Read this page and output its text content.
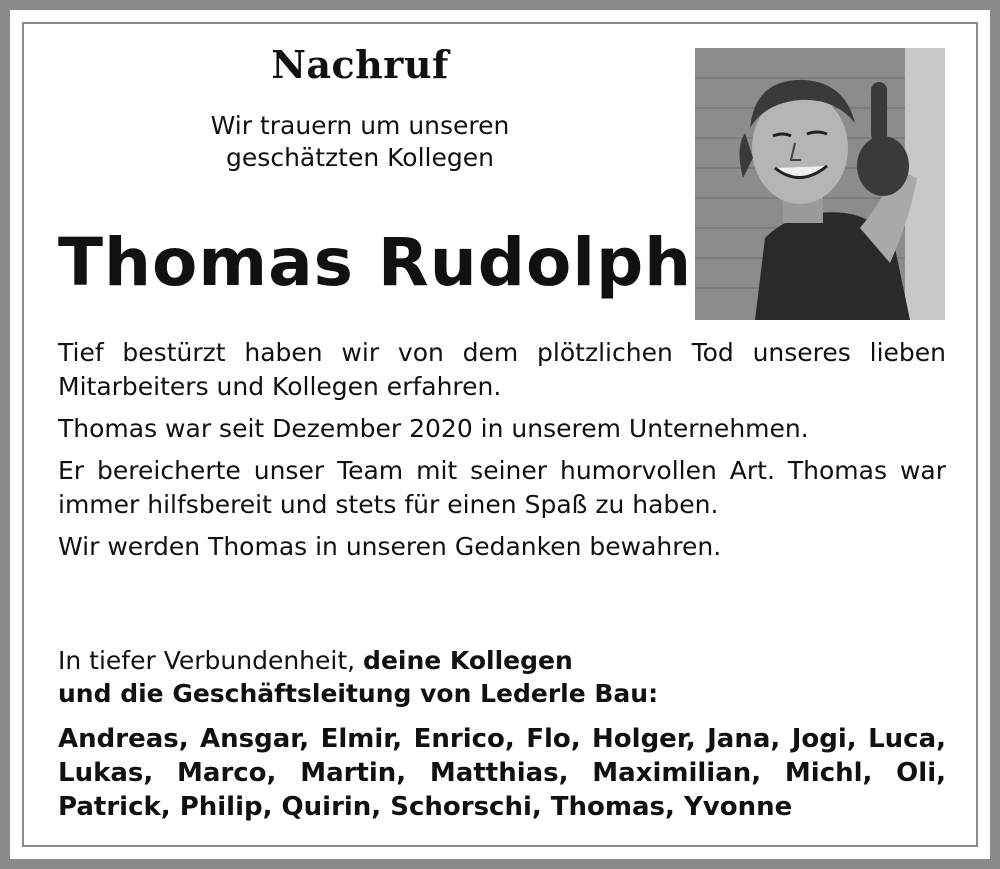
Nachruf
Wir trauern um unseren
geschätzten Kollegen
Thomas Rudolph

Tief bestürzt haben wir von dem plötzlichen Tod unseres lieben Mitarbeiters und Kollegen erfahren.

Thomas war seit Dezember 2020 in unserem Unternehmen.

Er bereicherte unser Team mit seiner humorvollen Art. Thomas war immer hilfsbereit und stets für einen Spaß zu haben.

Wir werden Thomas in unseren Gedanken bewahren.

In tiefer Verbundenheit, deine Kollegen
und die Geschäftsleitung von Lederle Bau:
Andreas, Ansgar, Elmir, Enrico, Flo, Holger, Jana, Jogi, Luca, Lukas, Marco, Martin, Matthias, Maximilian, Michl, Oli, Patrick, Philip, Quirin, Schorschi, Thomas, Yvonne
